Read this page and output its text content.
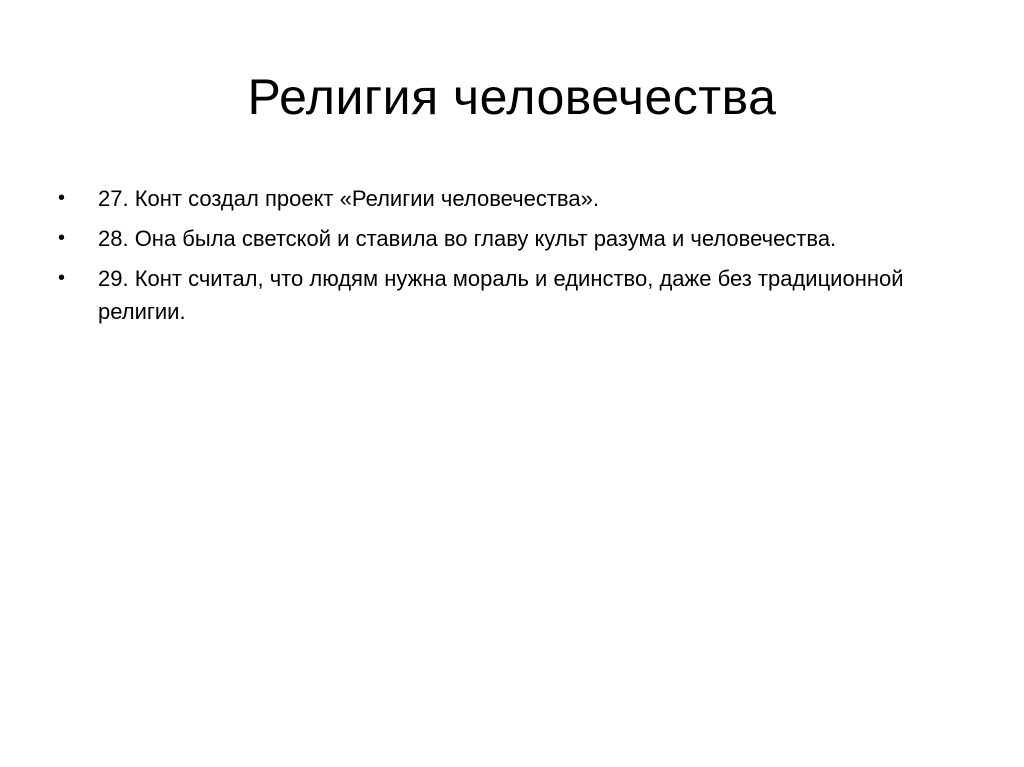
Религия человечества
• 27. Конт создал проект «Религии человечества».
• 28. Она была светской и ставила во главу культ разума и человечества.
• 29. Конт считал, что людям нужна мораль и единство, даже без традиционной религии.
